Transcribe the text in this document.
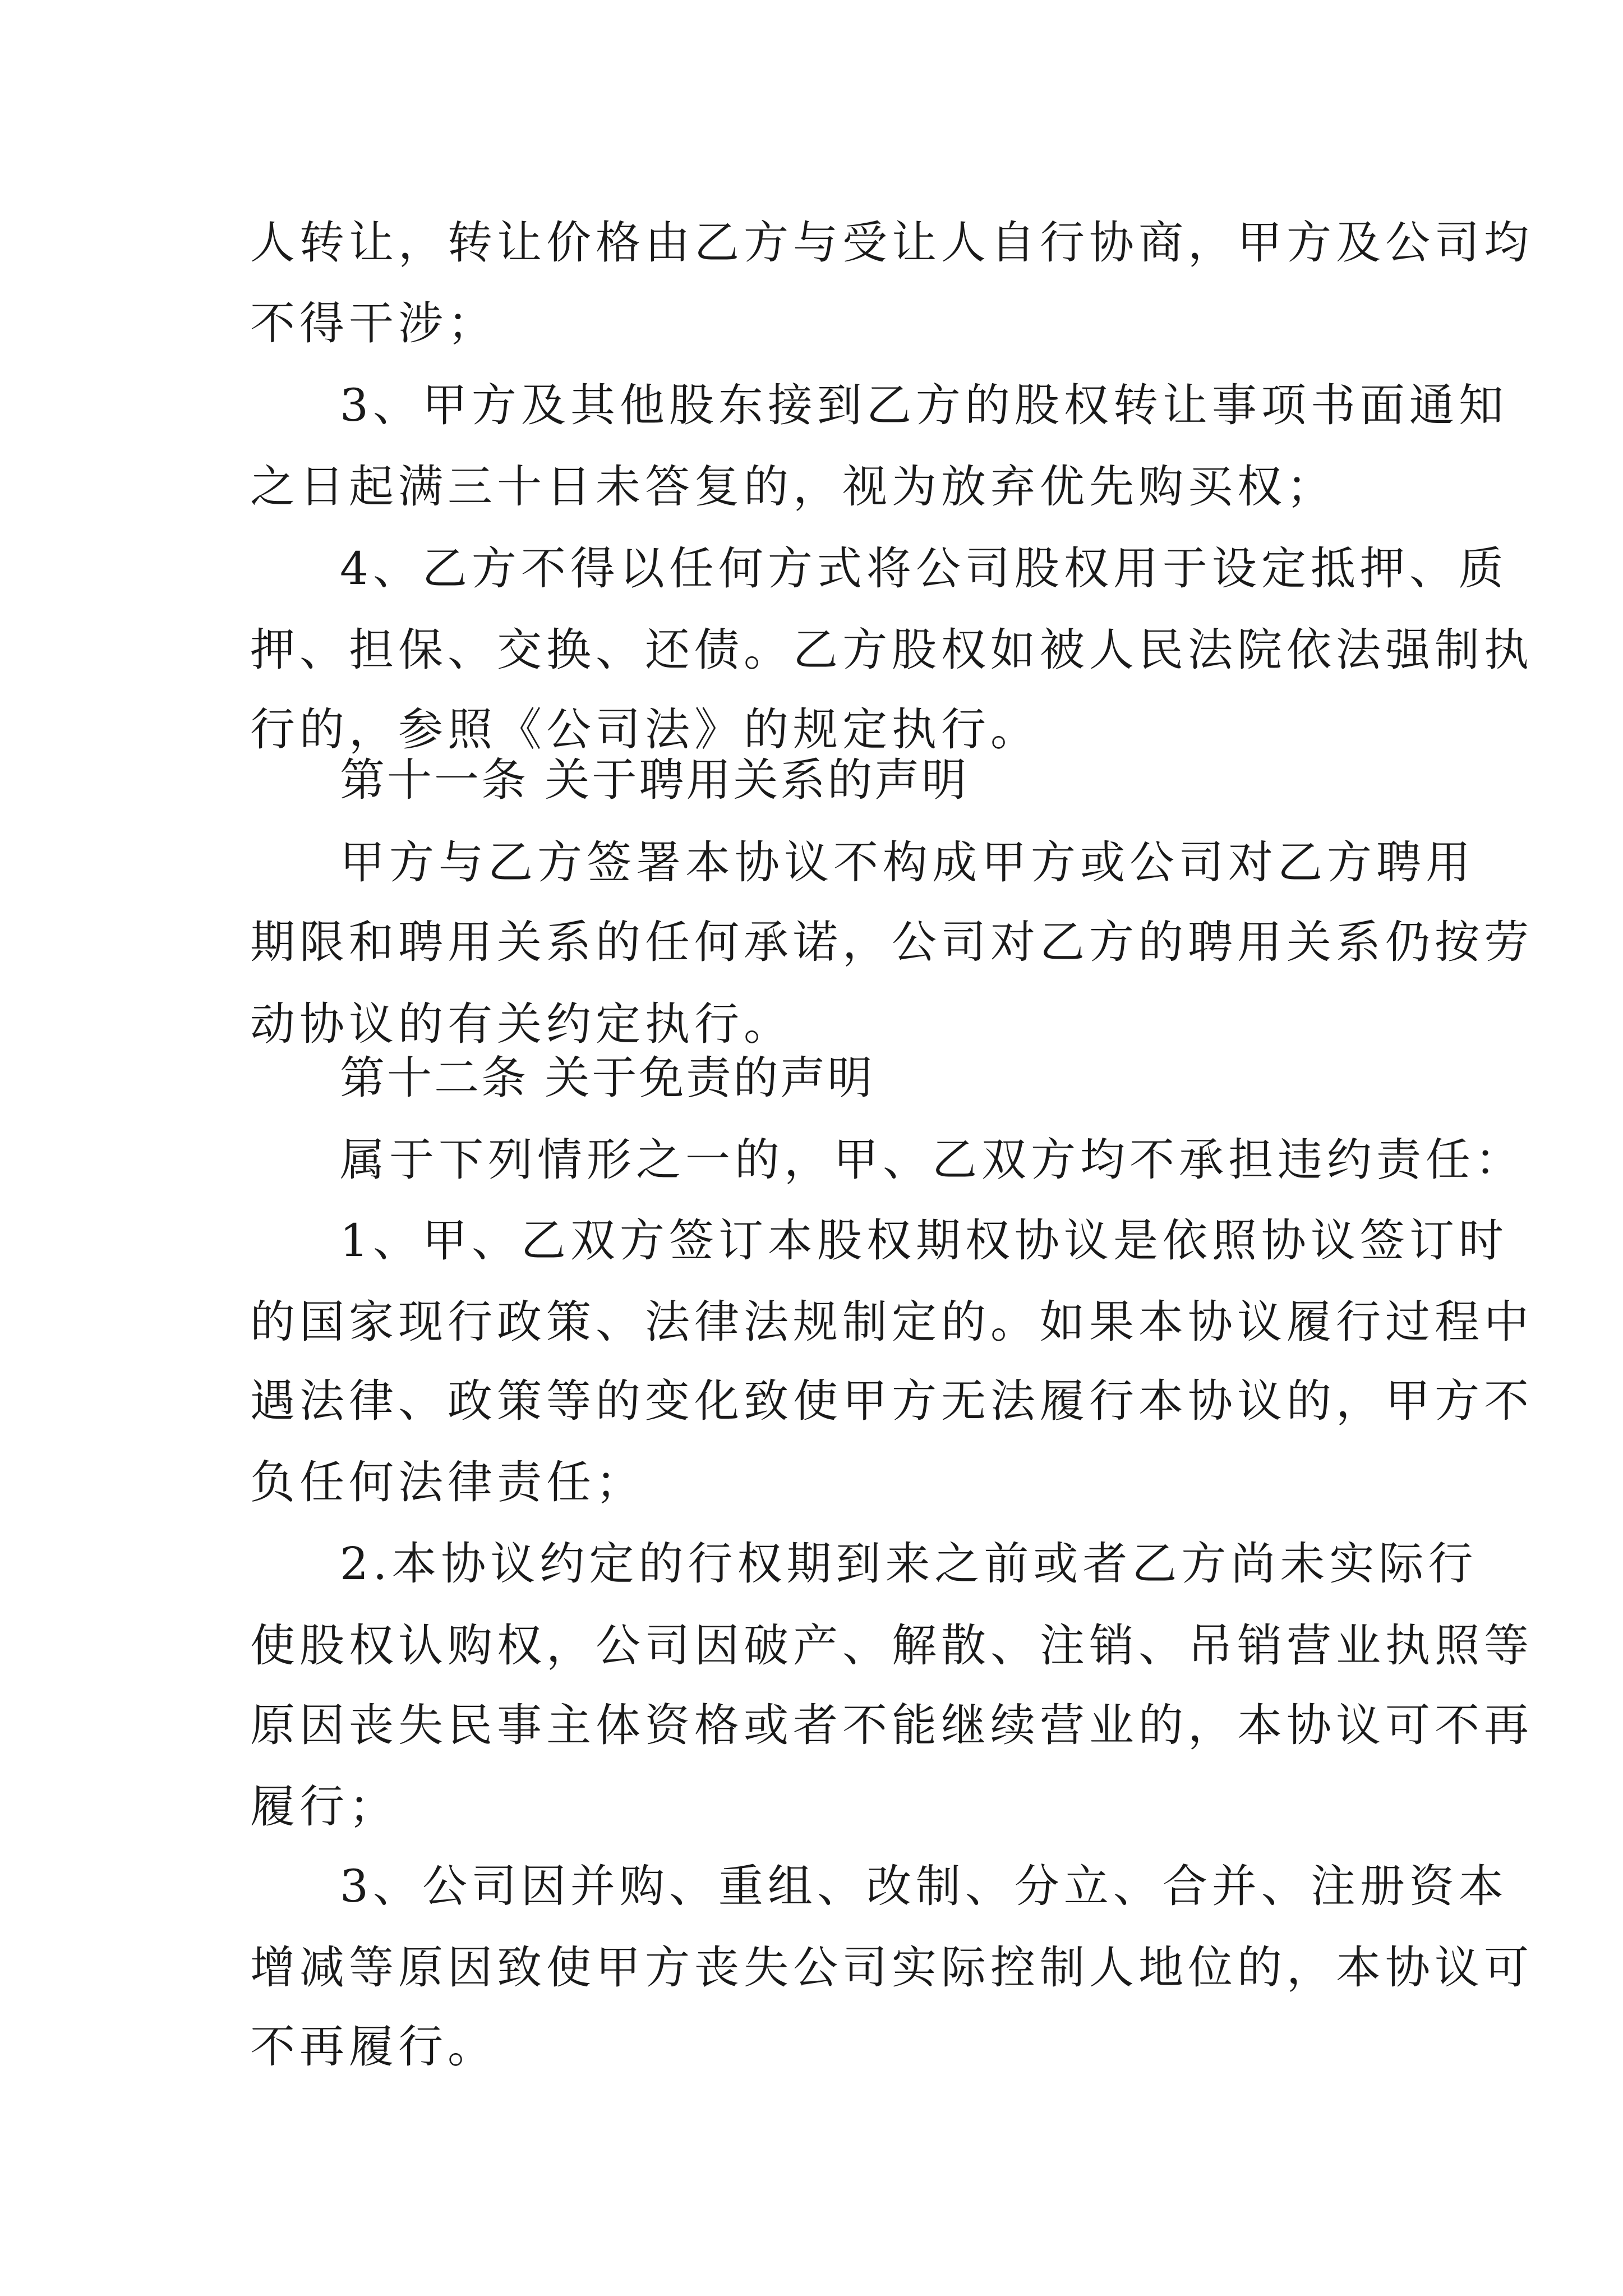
人转让，转让价格由乙方与受让人自行协商，甲方及公司均
不得干涉；
3、甲方及其他股东接到乙方的股权转让事项书面通知
之日起满三十日未答复的，视为放弃优先购买权；
4、乙方不得以任何方式将公司股权用于设定抵押、质
押、担保、交换、还债。乙方股权如被人民法院依法强制执
行的，参照《公司法》的规定执行。
第十一条 关于聘用关系的声明
甲方与乙方签署本协议不构成甲方或公司对乙方聘用
期限和聘用关系的任何承诺，公司对乙方的聘用关系仍按劳
动协议的有关约定执行。
第十二条 关于免责的声明
属于下列情形之一的，甲、乙双方均不承担违约责任：
1、甲、乙双方签订本股权期权协议是依照协议签订时
的国家现行政策、法律法规制定的。如果本协议履行过程中
遇法律、政策等的变化致使甲方无法履行本协议的，甲方不
负任何法律责任；
2.本协议约定的行权期到来之前或者乙方尚未实际行
使股权认购权，公司因破产、解散、注销、吊销营业执照等
原因丧失民事主体资格或者不能继续营业的，本协议可不再
履行；
3、公司因并购、重组、改制、分立、合并、注册资本
增减等原因致使甲方丧失公司实际控制人地位的，本协议可
不再履行。
